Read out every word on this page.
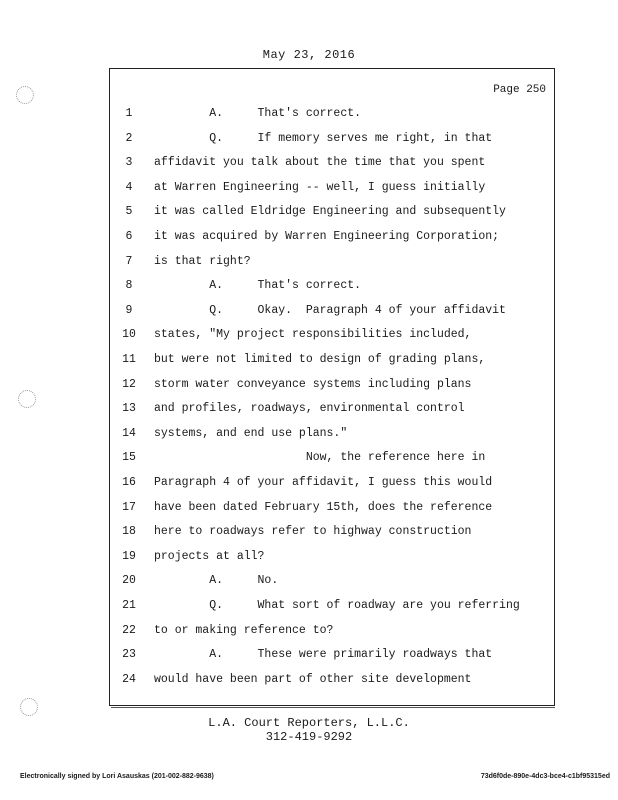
May 23, 2016
Page 250
1	A.     That's correct.
2	Q.     If memory serves me right, in that
3	affidavit you talk about the time that you spent
4	at Warren Engineering -- well, I guess initially
5	it was called Eldridge Engineering and subsequently
6	it was acquired by Warren Engineering Corporation;
7	is that right?
8	A.     That's correct.
9	Q.     Okay.  Paragraph 4 of your affidavit
10	states, "My project responsibilities included,
11	but were not limited to design of grading plans,
12	storm water conveyance systems including plans
13	and profiles, roadways, environmental control
14	systems, and end use plans."
15	Now, the reference here in
16	Paragraph 4 of your affidavit, I guess this would
17	have been dated February 15th, does the reference
18	here to roadways refer to highway construction
19	projects at all?
20	A.     No.
21	Q.     What sort of roadway are you referring
22	to or making reference to?
23	A.     These were primarily roadways that
24	would have been part of other site development
L.A. Court Reporters, L.L.C.
312-419-9292
Electronically signed by Lori Asauskas (201-002-882-9638)	73d6f0de-890e-4dc3-bce4-c1bf95315ed
